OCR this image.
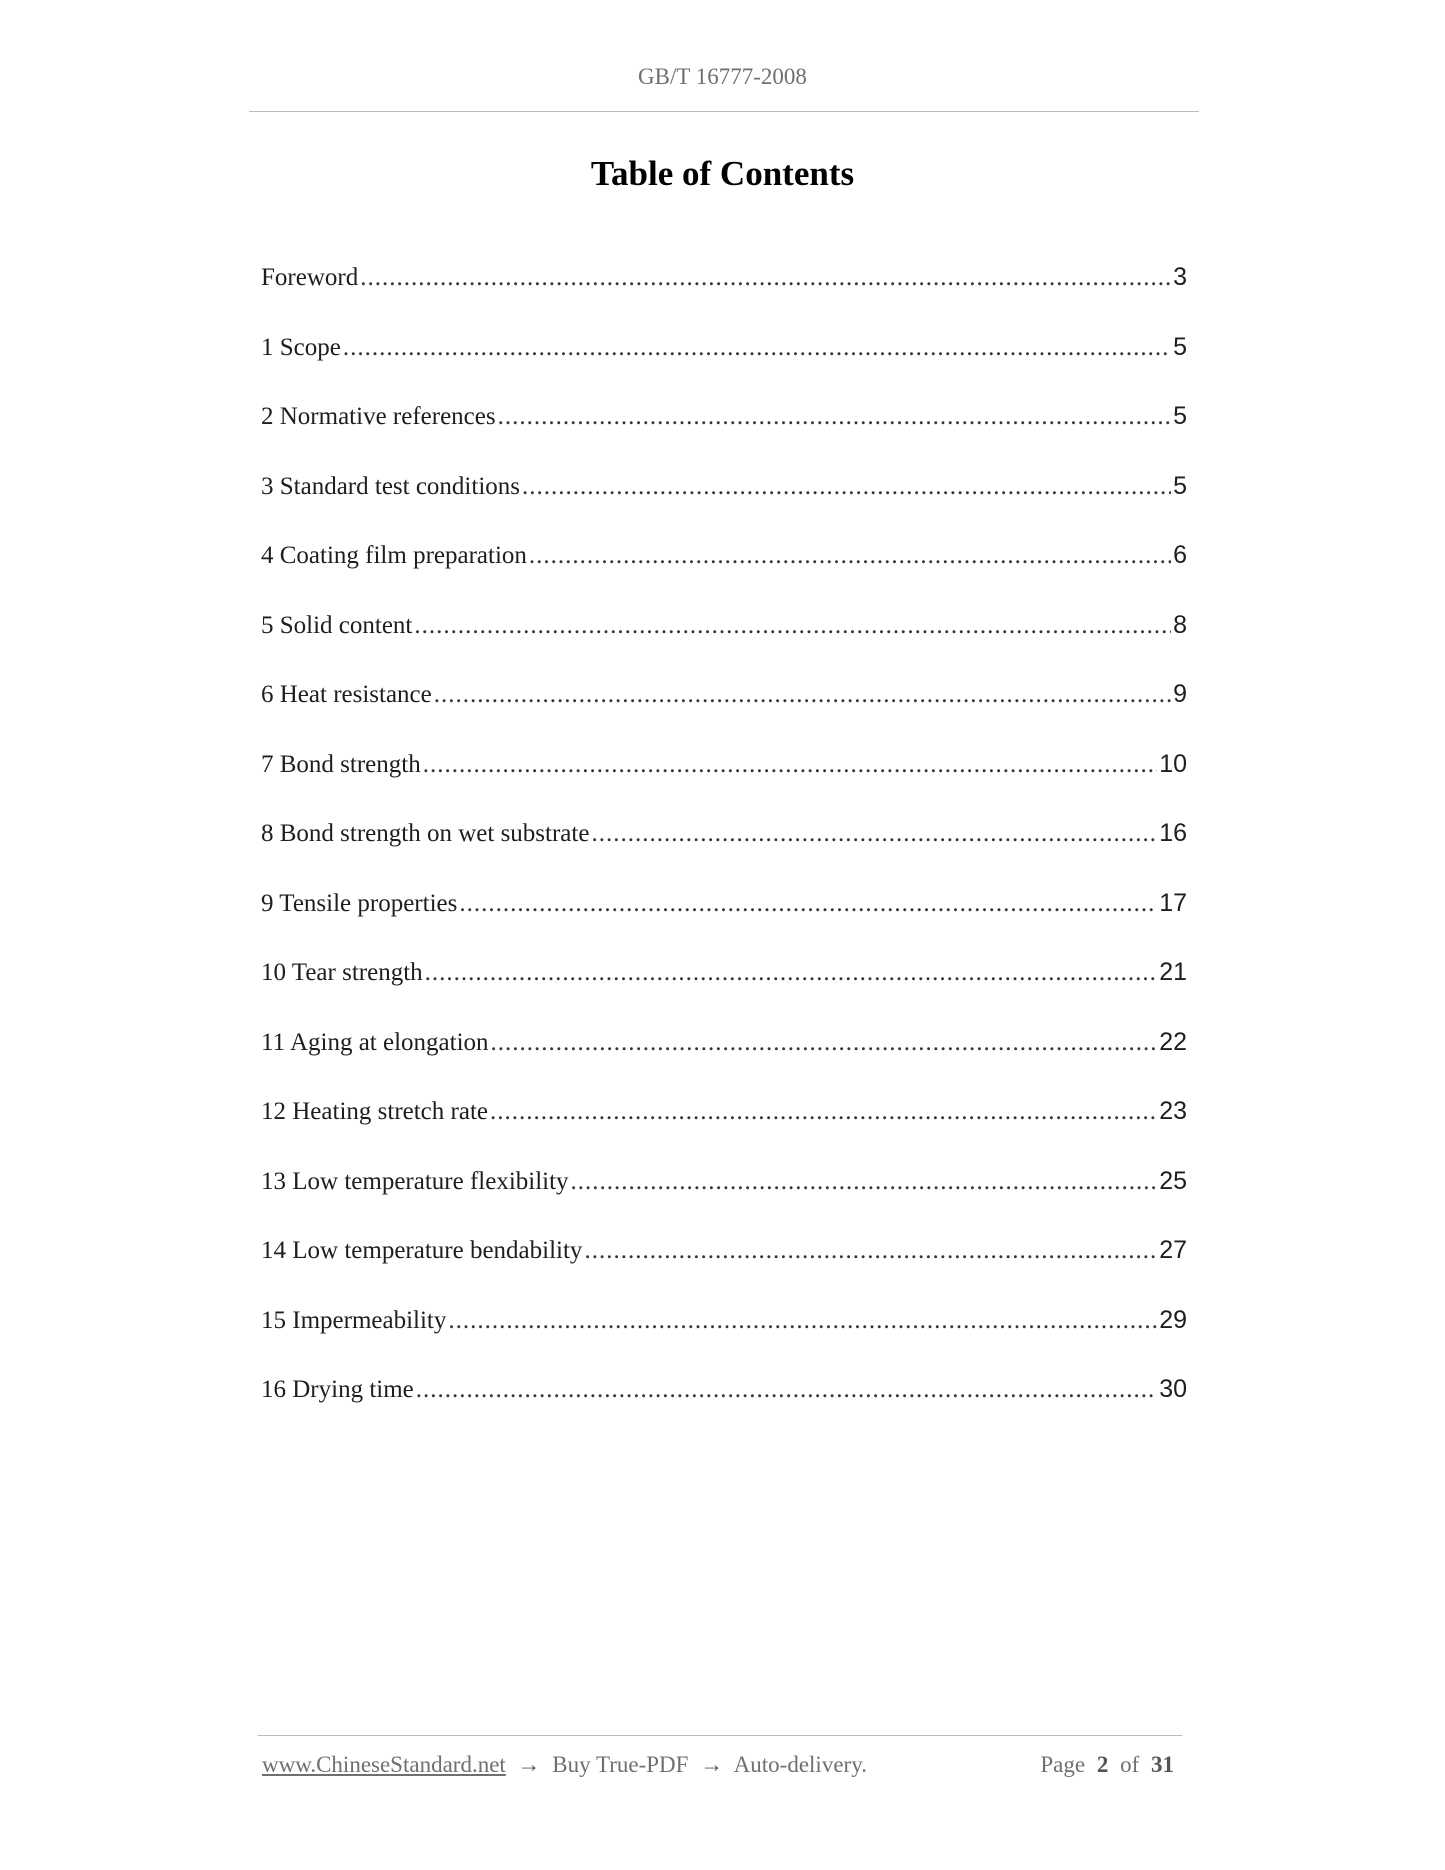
GB/T 16777-2008
Table of Contents
Foreword .....	3
1 Scope .....	5
2 Normative references .....	5
3 Standard test conditions .....	5
4 Coating film preparation .....	6
5 Solid content .....	8
6 Heat resistance .....	9
7 Bond strength .....	10
8 Bond strength on wet substrate .....	16
9 Tensile properties .....	17
10 Tear strength .....	21
11 Aging at elongation .....	22
12 Heating stretch rate .....	23
13 Low temperature flexibility .....	25
14 Low temperature bendability .....	27
15 Impermeability .....	29
16 Drying time .....	30
www.ChineseStandard.net → Buy True-PDF → Auto-delivery.	Page 2 of 31
